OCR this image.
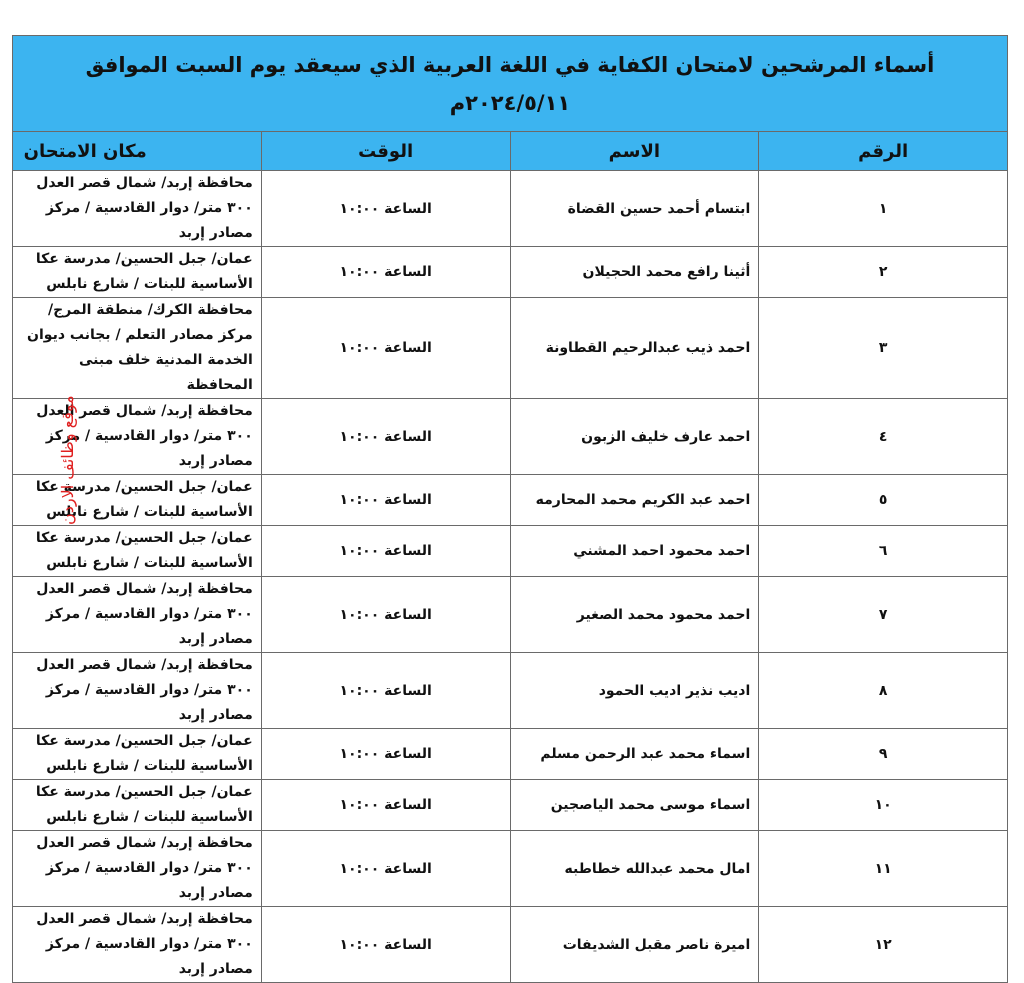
أسماء المرشحين لامتحان الكفاية في اللغة العربية الذي سيعقد يوم السبت الموافق
٢٠٢٤/٥/١١م			

الرقم	الاسم	الوقت	مكان الامتحان
١	ابتسام أحمد حسين القضاة	الساعة ١٠:٠٠	محافظة إربد/ شمال قصر العدل ٣٠٠ متر/ دوار القادسية / مركز مصادر إربد
٢	أثينا رافع محمد الحجيلان	الساعة ١٠:٠٠	عمان/ جبل الحسين/ مدرسة عكا الأساسية للبنات / شارع نابلس
٣	احمد ذيب عبدالرحيم القطاونة	الساعة ١٠:٠٠	محافظة الكرك/ منطقة المرج/ مركز مصادر التعلم / بجانب ديوان الخدمة المدنية خلف مبنى المحافظة
٤	احمد عارف خليف الزبون	الساعة ١٠:٠٠	محافظة إربد/ شمال قصر العدل ٣٠٠ متر/ دوار القادسية / مركز مصادر إربد
٥	احمد عبد الكريم محمد المحارمه	الساعة ١٠:٠٠	عمان/ جبل الحسين/ مدرسة عكا الأساسية للبنات / شارع نابلس
٦	احمد محمود احمد المشني	الساعة ١٠:٠٠	عمان/ جبل الحسين/ مدرسة عكا الأساسية للبنات / شارع نابلس
٧	احمد محمود محمد الصغير	الساعة ١٠:٠٠	محافظة إربد/ شمال قصر العدل ٣٠٠ متر/ دوار القادسية / مركز مصادر إربد
٨	اديب نذير اديب الحمود	الساعة ١٠:٠٠	محافظة إربد/ شمال قصر العدل ٣٠٠ متر/ دوار القادسية / مركز مصادر إربد
٩	اسماء محمد عبد الرحمن مسلم	الساعة ١٠:٠٠	عمان/ جبل الحسين/ مدرسة عكا الأساسية للبنات / شارع نابلس
١٠	اسماء موسى محمد الياصجين	الساعة ١٠:٠٠	عمان/ جبل الحسين/ مدرسة عكا الأساسية للبنات / شارع نابلس
١١	امال محمد عبدالله خطاطبه	الساعة ١٠:٠٠	محافظة إربد/ شمال قصر العدل ٣٠٠ متر/ دوار القادسية / مركز مصادر إربد
١٢	اميرة ناصر مقبل الشديفات	الساعة ١٠:٠٠	محافظة إربد/ شمال قصر العدل ٣٠٠ متر/ دوار القادسية / مركز مصادر إربد
موقع وظائف الاردن
